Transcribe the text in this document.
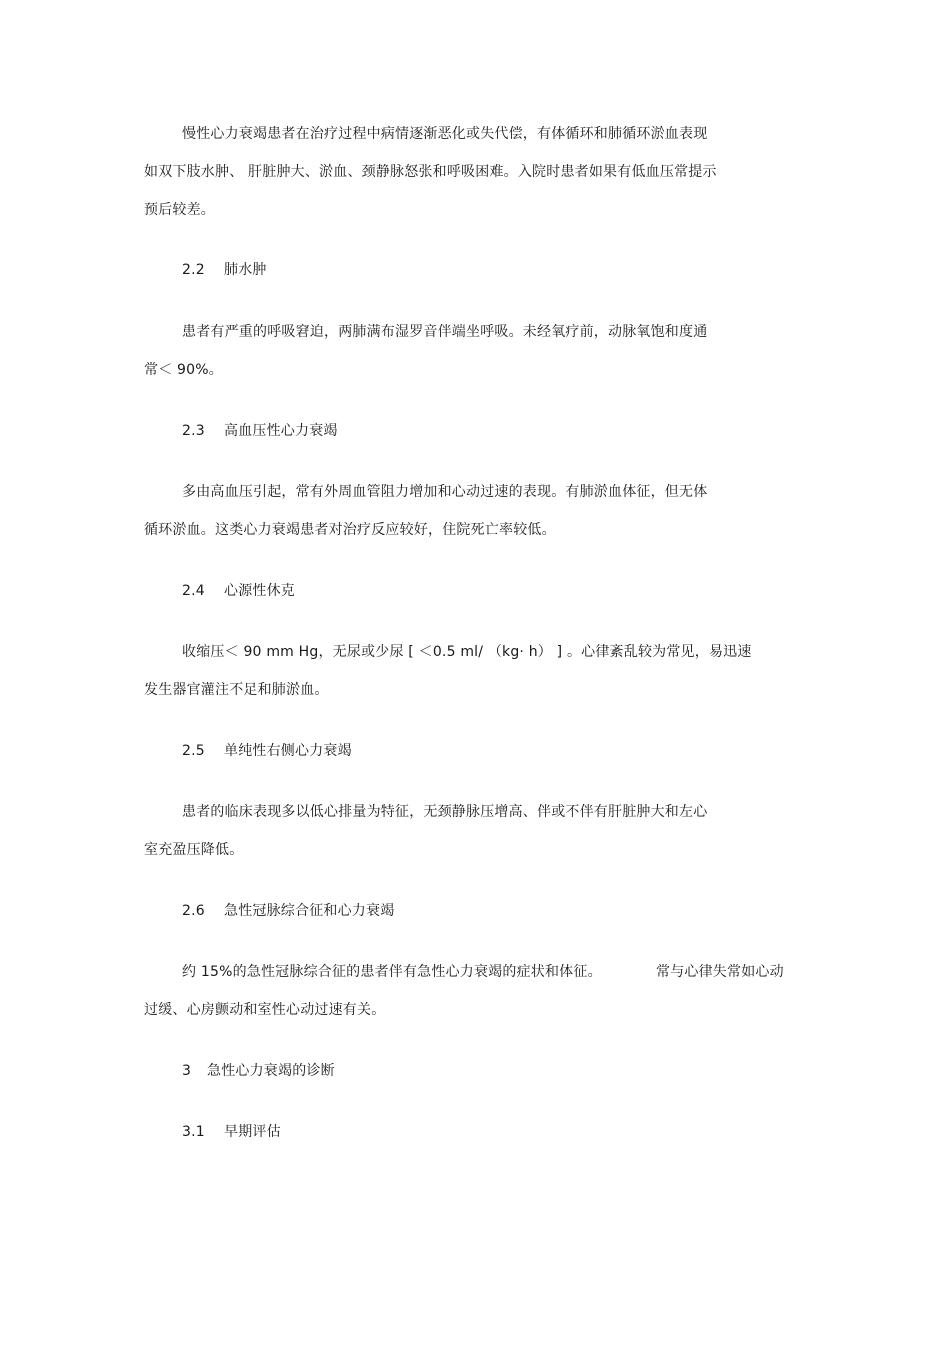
慢性心力衰竭患者在治疗过程中病情逐渐恶化或失代偿，有体循环和肺循环淤血表现
如双下肢水肿、 肝脏肿大、淤血、颈静脉怒张和呼吸困难。入院时患者如果有低血压常提示
预后较差。
2.2 肺水肿
患者有严重的呼吸窘迫，两肺满布湿罗音伴端坐呼吸。未经氧疗前，动脉氧饱和度通
常＜ 90%。
2.3 高血压性心力衰竭
多由高血压引起，常有外周血管阻力增加和心动过速的表现。有肺淤血体征，但无体
循环淤血。这类心力衰竭患者对治疗反应较好，住院死亡率较低。
2.4 心源性休克
收缩压＜ 90 mm Hg，无尿或少尿 [ ＜0.5 ml/ （kg· h） ] 。心律紊乱较为常见，易迅速
发生器官灌注不足和肺淤血。
2.5 单纯性右侧心力衰竭
患者的临床表现多以低心排量为特征，无颈静脉压增高、伴或不伴有肝脏肿大和左心
室充盈压降低。
2.6 急性冠脉综合征和心力衰竭
约 15%的急性冠脉综合征的患者伴有急性心力衰竭的症状和体征。	常与心律失常如心动
过缓、心房颤动和室性心动过速有关。
3 急性心力衰竭的诊断
3.1 早期评估
